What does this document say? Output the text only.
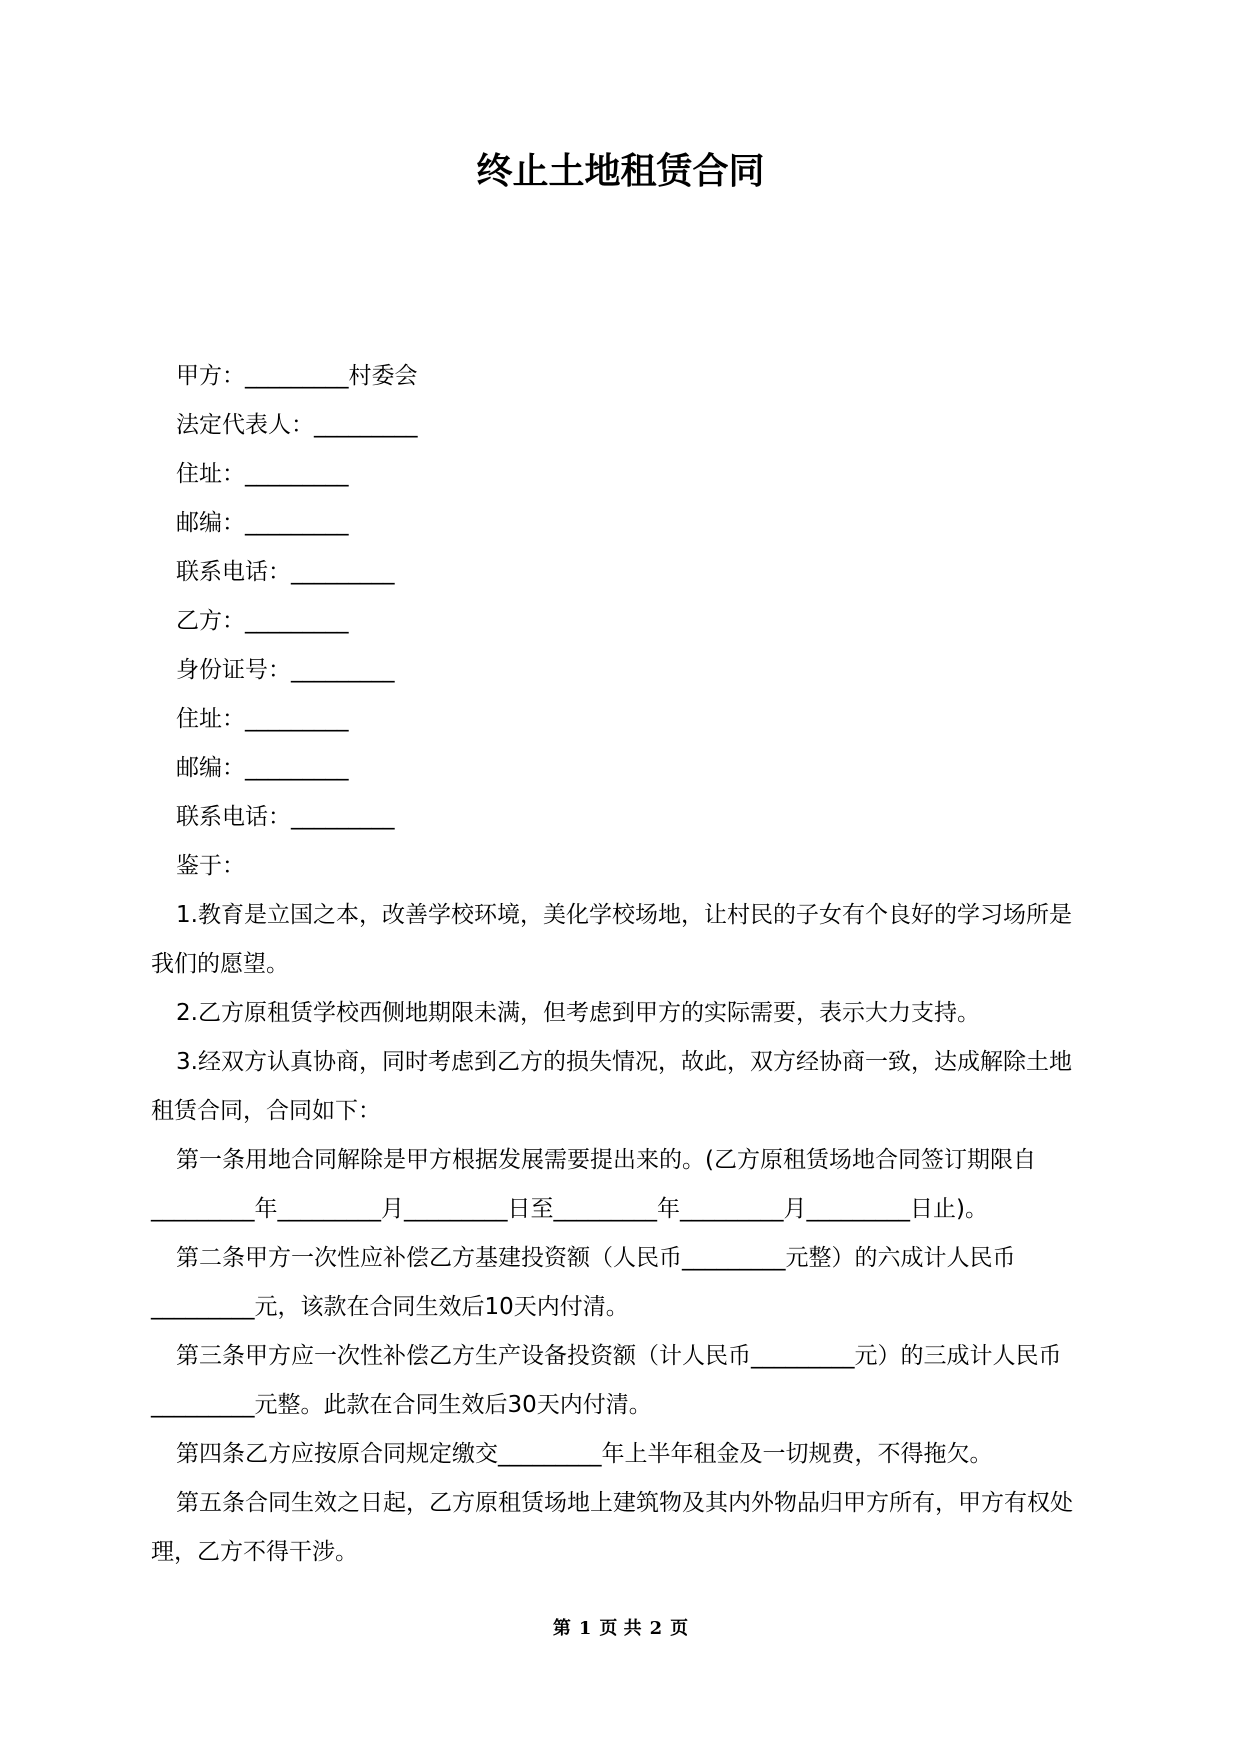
终止土地租赁合同

甲方：_________村委会

法定代表人：_________

住址：_________

邮编：_________

联系电话：_________

乙方：_________

身份证号：_________

住址：_________

邮编：_________

联系电话：_________

鉴于：

1.教育是立国之本，改善学校环境，美化学校场地，让村民的子女有个良好的学习场所是我们的愿望。

2.乙方原租赁学校西侧地期限未满，但考虑到甲方的实际需要，表示大力支持。

3.经双方认真协商，同时考虑到乙方的损失情况，故此，双方经协商一致，达成解除土地租赁合同，合同如下：

第一条用地合同解除是甲方根据发展需要提出来的。(乙方原租赁场地合同签订期限自_________年_________月_________日至_________年_________月_________日止)。

第二条甲方一次性应补偿乙方基建投资额（人民币_________元整）的六成计人民币_________元，该款在合同生效后10天内付清。

第三条甲方应一次性补偿乙方生产设备投资额（计人民币_________元）的三成计人民币_________元整。此款在合同生效后30天内付清。

第四条乙方应按原合同规定缴交_________年上半年租金及一切规费，不得拖欠。

第五条合同生效之日起，乙方原租赁场地上建筑物及其内外物品归甲方所有，甲方有权处理，乙方不得干涉。

第 1 页 共 2 页
